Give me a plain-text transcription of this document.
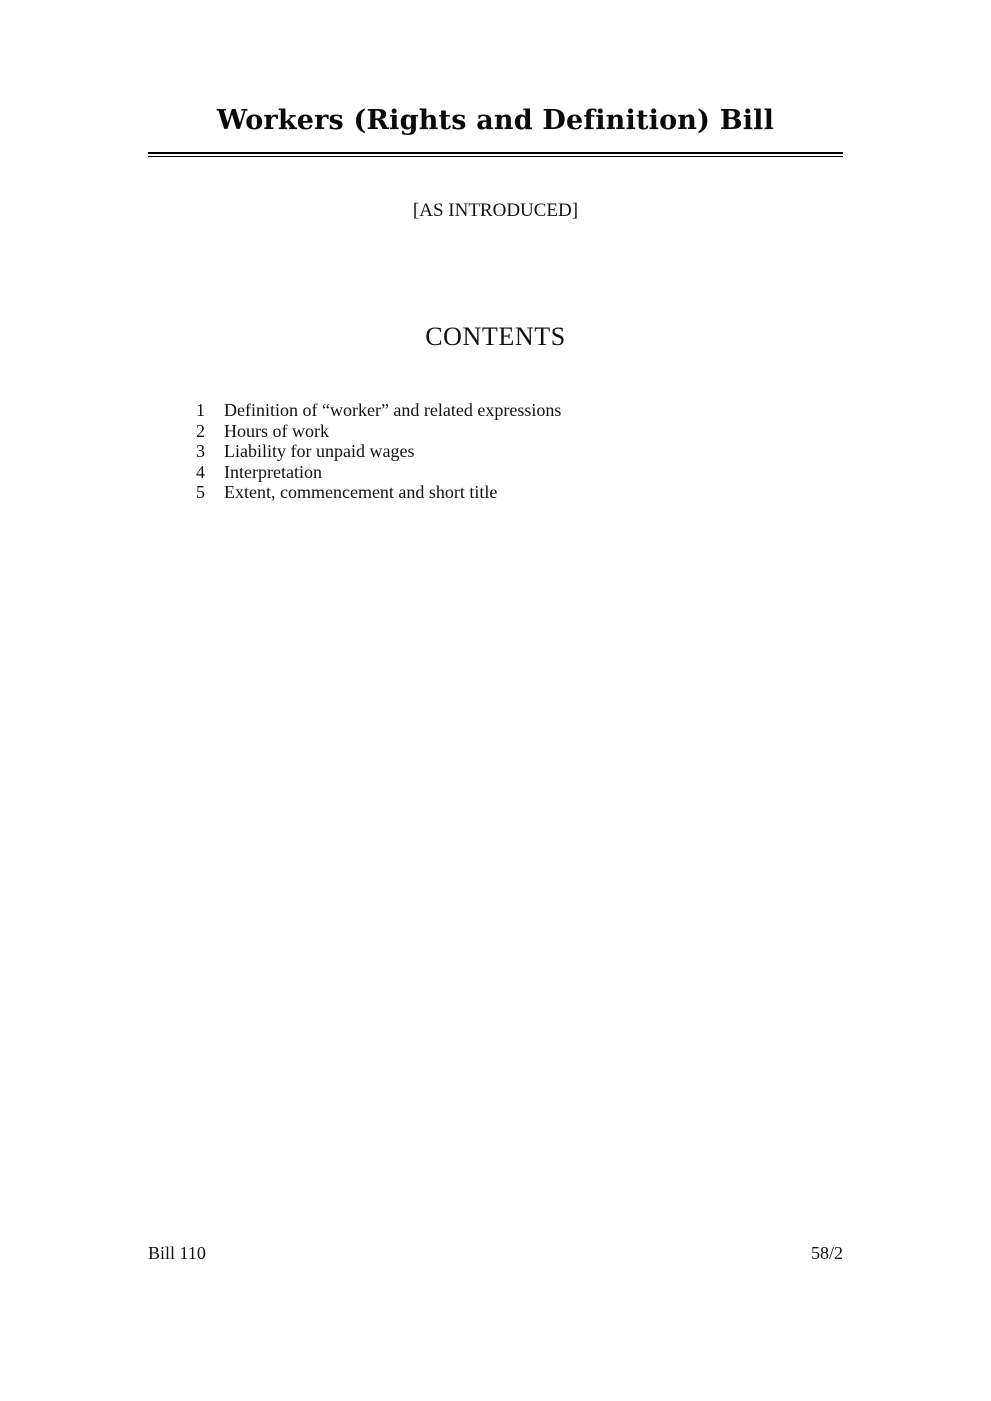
Workers (Rights and Definition) Bill
[AS INTRODUCED]
CONTENTS
1	Definition of “worker” and related expressions
2	Hours of work
3	Liability for unpaid wages
4	Interpretation
5	Extent, commencement and short title
Bill 110	58/2
